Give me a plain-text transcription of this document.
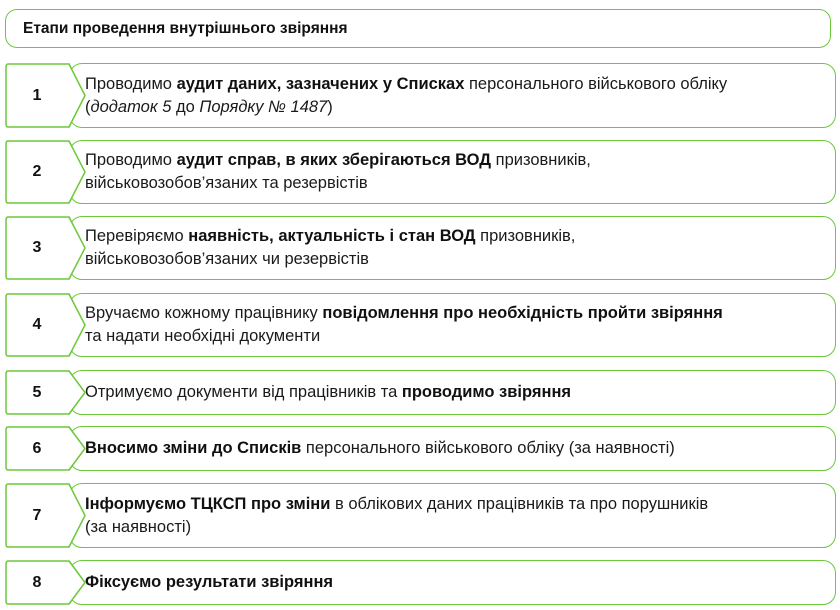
Етапи проведення внутрішнього звіряння
1
Проводимо аудит даних, зазначених у Списках персонального військового обліку
(додаток 5 до Порядку № 1487)
2
Проводимо аудит справ, в яких зберігаються ВОД призовників,
військовозобов’язаних та резервістів
3
Перевіряємо наявність, актуальність і стан ВОД призовників,
військовозобов’язаних чи резервістів
4
Вручаємо кожному працівнику повідомлення про необхідність пройти звіряння
та надати необхідні документи
5	Отримуємо документи від працівників та проводимо звіряння
6	Вносимо зміни до Списків персонального військового обліку (за наявності)
7
Інформуємо ТЦКСП про зміни в облікових даних працівників та про порушників
(за наявності)
8	Фіксуємо результати звіряння
